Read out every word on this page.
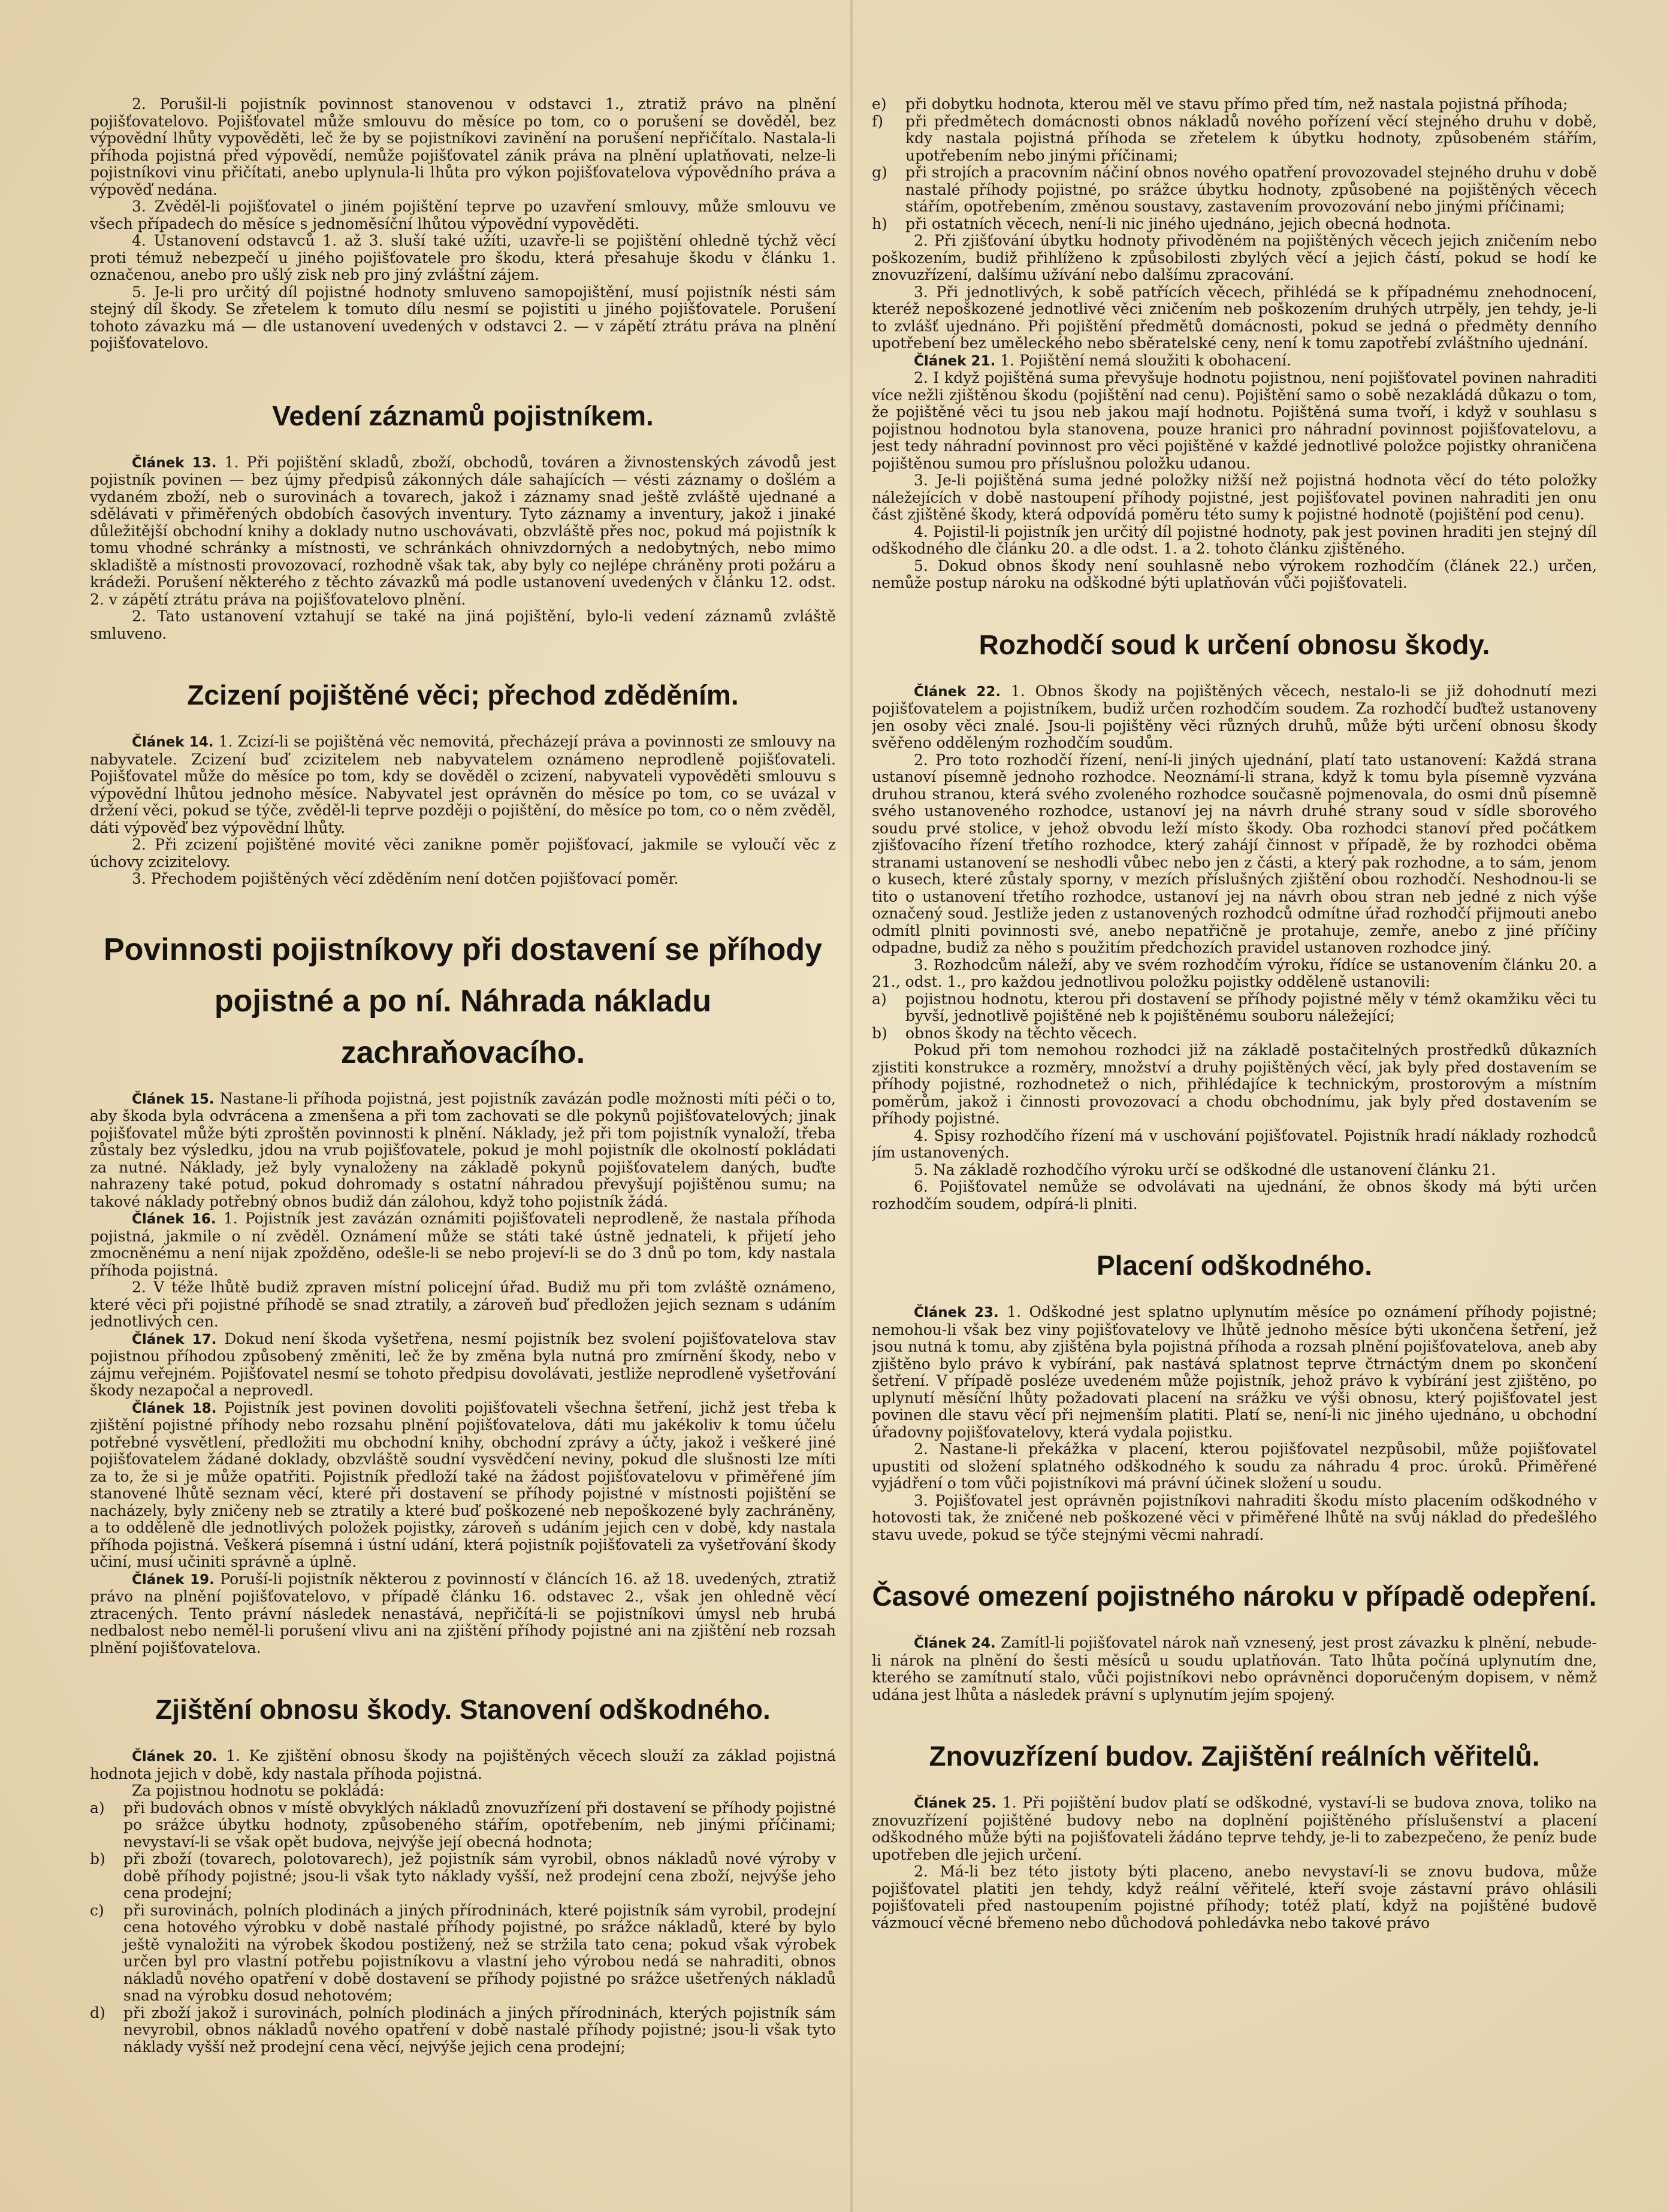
2. Porušil-li pojistník povinnost stanovenou v odstavci 1., ztratiž právo na plnění pojišťovatelovo. Pojišťovatel může smlouvu do měsíce po tom, co o porušení se dověděl, bez výpovědní lhůty vypověděti, leč že by se pojistníkovi zavinění na porušení nepřičítalo. Nastala-li příhoda pojistná před výpovědí, nemůže pojišťovatel zánik práva na plnění uplatňovati, nelze-li pojistníkovi vinu přičítati, anebo uplynula-li lhůta pro výkon pojišťovatelova výpovědního práva a výpověď nedána.

3. Zvěděl-li pojišťovatel o jiném pojištění teprve po uzavření smlouvy, může smlouvu ve všech případech do měsíce s jednoměsíční lhůtou výpovědní vypověděti.

4. Ustanovení odstavců 1. až 3. sluší také užíti, uzavře-li se pojištění ohledně týchž věcí proti témuž nebezpečí u jiného pojišťovatele pro škodu, která přesahuje škodu v článku 1. označenou, anebo pro ušlý zisk neb pro jiný zvláštní zájem.

5. Je-li pro určitý díl pojistné hodnoty smluveno samopojištění, musí pojistník nésti sám stejný díl škody. Se zřetelem k tomuto dílu nesmí se pojistiti u jiného pojišťovatele. Porušení tohoto závazku má — dle ustanovení uvedených v odstavci 2. — v zápětí ztrátu práva na plnění pojišťovatelovo.

Vedení záznamů pojistníkem.

Článek 13. 1. Při pojištění skladů, zboží, obchodů, továren a živnostenských závodů jest pojistník povinen — bez újmy předpisů zákonných dále sahajících — vésti záznamy o došlém a vydaném zboží, neb o surovinách a tovarech, jakož i záznamy snad ještě zvláště ujednané a sdělávati v přiměřených obdobích časových inventury. Tyto záznamy a inventury, jakož i jinaké důležitější obchodní knihy a doklady nutno uschovávati, obzvláště přes noc, pokud má pojistník k tomu vhodné schránky a místnosti, ve schránkách ohnivzdorných a nedobytných, nebo mimo skladiště a místnosti provozovací, rozhodně však tak, aby byly co nejlépe chráněny proti požáru a krádeži. Porušení některého z těchto závazků má podle ustanovení uvedených v článku 12. odst. 2. v zápětí ztrátu práva na pojišťovatelovo plnění.

2. Tato ustanovení vztahují se také na jiná pojištění, bylo-li vedení záznamů zvláště smluveno.

Zcizení pojištěné věci; přechod zděděním.

Článek 14. 1. Zcizí-li se pojištěná věc nemovitá, přecházejí práva a povinnosti ze smlouvy na nabyvatele. Zcizení buď zcizitelem neb nabyvatelem oznámeno neprodleně pojišťovateli. Pojišťovatel může do měsíce po tom, kdy se dověděl o zcizení, nabyvateli vypověděti smlouvu s výpovědní lhůtou jednoho měsíce. Nabyvatel jest oprávněn do měsíce po tom, co se uvázal v držení věci, pokud se týče, zvěděl-li teprve později o pojištění, do měsíce po tom, co o něm zvěděl, dáti výpověď bez výpovědní lhůty.

2. Při zcizení pojištěné movité věci zanikne poměr pojišťovací, jakmile se vyloučí věc z úchovy zcizitelovy.

3. Přechodem pojištěných věcí zděděním není dotčen pojišťovací poměr.

Povinnosti pojistníkovy při dostavení se příhody pojistné a po ní. Náhrada nákladu zachraňovacího.

Článek 15. Nastane-li příhoda pojistná, jest pojistník zavázán podle možnosti míti péči o to, aby škoda byla odvrácena a zmenšena a při tom zachovati se dle pokynů pojišťovatelových; jinak pojišťovatel může býti zproštěn povinnosti k plnění. Náklady, jež při tom pojistník vynaloží, třeba zůstaly bez výsledku, jdou na vrub pojišťovatele, pokud je mohl pojistník dle okolností pokládati za nutné. Náklady, jež byly vynaloženy na základě pokynů pojišťovatelem daných, buďte nahrazeny také potud, pokud dohromady s ostatní náhradou převyšují pojištěnou sumu; na takové náklady potřebný obnos budiž dán zálohou, když toho pojistník žádá.

Článek 16. 1. Pojistník jest zavázán oznámiti pojišťovateli neprodleně, že nastala příhoda pojistná, jakmile o ní zvěděl. Oznámení může se státi také ústně jednateli, k přijetí jeho zmocněnému a není nijak zpožděno, odešle-li se nebo projeví-li se do 3 dnů po tom, kdy nastala příhoda pojistná.

2. V téže lhůtě budiž zpraven místní policejní úřad. Budiž mu při tom zvláště oznámeno, které věci při pojistné příhodě se snad ztratily, a zároveň buď předložen jejich seznam s udáním jednotlivých cen.

Článek 17. Dokud není škoda vyšetřena, nesmí pojistník bez svolení pojišťovatelova stav pojistnou příhodou způsobený změniti, leč že by změna byla nutná pro zmírnění škody, nebo v zájmu veřejném. Pojišťovatel nesmí se tohoto předpisu dovolávati, jestliže neprodleně vyšetřování škody nezapočal a neprovedl.

Článek 18. Pojistník jest povinen dovoliti pojišťovateli všechna šetření, jichž jest třeba k zjištění pojistné příhody nebo rozsahu plnění pojišťovatelova, dáti mu jakékoliv k tomu účelu potřebné vysvětlení, předložiti mu obchodní knihy, obchodní zprávy a účty, jakož i veškeré jiné pojišťovatelem žádané doklady, obzvláště soudní vysvědčení neviny, pokud dle slušnosti lze míti za to, že si je může opatřiti. Pojistník předloží také na žádost pojišťovatelovu v přiměřené jím stanovené lhůtě seznam věcí, které při dostavení se příhody pojistné v místnosti pojištění se nacházely, byly zničeny neb se ztratily a které buď poškozené neb nepoškozené byly zachráněny, a to odděleně dle jednotlivých položek pojistky, zároveň s udáním jejich cen v době, kdy nastala příhoda pojistná. Veškerá písemná i ústní udání, která pojistník pojišťovateli za vyšetřování škody učiní, musí učiniti správně a úplně.

Článek 19. Poruší-li pojistník některou z povinností v článcích 16. až 18. uvedených, ztratiž právo na plnění pojišťovatelovo, v případě článku 16. odstavec 2., však jen ohledně věcí ztracených. Tento právní následek nenastává, nepřičítá-li se pojistníkovi úmysl neb hrubá nedbalost nebo neměl-li porušení vlivu ani na zjištění příhody pojistné ani na zjištění neb rozsah plnění pojišťovatelova.

Zjištění obnosu škody. Stanovení odškodného.

Článek 20. 1. Ke zjištění obnosu škody na pojištěných věcech slouží za základ pojistná hodnota jejich v době, kdy nastala příhoda pojistná.

Za pojistnou hodnotu se pokládá:

a) při budovách obnos v místě obvyklých nákladů znovuzřízení při dostavení se příhody pojistné po srážce úbytku hodnoty, způsobeného stářím, opotřebením, neb jinými příčinami; nevystaví-li se však opět budova, nejvýše její obecná hodnota;

b) při zboží (tovarech, polotovarech), jež pojistník sám vyrobil, obnos nákladů nové výroby v době příhody pojistné; jsou-li však tyto náklady vyšší, než prodejní cena zboží, nejvýše jeho cena prodejní;

c) při surovinách, polních plodinách a jiných přírodninách, které pojistník sám vyrobil, prodejní cena hotového výrobku v době nastalé příhody pojistné, po srážce nákladů, které by bylo ještě vynaložiti na výrobek škodou postižený, než se stržila tato cena; pokud však výrobek určen byl pro vlastní potřebu pojistníkovu a vlastní jeho výrobou nedá se nahraditi, obnos nákladů nového opatření v době dostavení se příhody pojistné po srážce ušetřených nákladů snad na výrobku dosud nehotovém;

d) při zboží jakož i surovinách, polních plodinách a jiných přírodninách, kterých pojistník sám nevyrobil, obnos nákladů nového opatření v době nastalé příhody pojistné; jsou-li však tyto náklady vyšší než prodejní cena věcí, nejvýše jejich cena prodejní;

e) při dobytku hodnota, kterou měl ve stavu přímo před tím, než nastala pojistná příhoda;

f) při předmětech domácnosti obnos nákladů nového pořízení věcí stejného druhu v době, kdy nastala pojistná příhoda se zřetelem k úbytku hodnoty, způsobeném stářím, upotřebením nebo jinými příčinami;

g) při strojích a pracovním náčiní obnos nového opatření provozovadel stejného druhu v době nastalé příhody pojistné, po srážce úbytku hodnoty, způsobené na pojištěných věcech stářím, opotřebením, změnou soustavy, zastavením provozování nebo jinými příčinami;

h) při ostatních věcech, není-li nic jiného ujednáno, jejich obecná hodnota.

2. Při zjišťování úbytku hodnoty přivoděném na pojištěných věcech jejich zničením nebo poškozením, budiž přihlíženo k způsobilosti zbylých věcí a jejich částí, pokud se hodí ke znovuzřízení, dalšímu užívání nebo dalšímu zpracování.

3. Při jednotlivých, k sobě patřících věcech, přihlédá se k případnému znehodnocení, kteréž nepoškozené jednotlivé věci zničením neb poškozením druhých utrpěly, jen tehdy, je-li to zvlášť ujednáno. Při pojištění předmětů domácnosti, pokud se jedná o předměty denního upotřebení bez uměleckého nebo sběratelské ceny, není k tomu zapotřebí zvláštního ujednání.

Článek 21. 1. Pojištění nemá sloužiti k obohacení.

2. I když pojištěná suma převyšuje hodnotu pojistnou, není pojišťovatel povinen nahraditi více nežli zjištěnou škodu (pojištění nad cenu). Pojištění samo o sobě nezakládá důkazu o tom, že pojištěné věci tu jsou neb jakou mají hodnotu. Pojištěná suma tvoří, i když v souhlasu s pojistnou hodnotou byla stanovena, pouze hranici pro náhradní povinnost pojišťovatelovu, a jest tedy náhradní povinnost pro věci pojištěné v každé jednotlivé položce pojistky ohraničena pojištěnou sumou pro příslušnou položku udanou.

3. Je-li pojištěná suma jedné položky nižší než pojistná hodnota věcí do této položky náležejících v době nastoupení příhody pojistné, jest pojišťovatel povinen nahraditi jen onu část zjištěné škody, která odpovídá poměru této sumy k pojistné hodnotě (pojištění pod cenu).

4. Pojistil-li pojistník jen určitý díl pojistné hodnoty, pak jest povinen hraditi jen stejný díl odškodného dle článku 20. a dle odst. 1. a 2. tohoto článku zjištěného.

5. Dokud obnos škody není souhlasně nebo výrokem rozhodčím (článek 22.) určen, nemůže postup nároku na odškodné býti uplatňován vůči pojišťovateli.

Rozhodčí soud k určení obnosu škody.

Článek 22. 1. Obnos škody na pojištěných věcech, nestalo-li se již dohodnutí mezi pojišťovatelem a pojistníkem, budiž určen rozhodčím soudem. Za rozhodčí buďtež ustanoveny jen osoby věci znalé. Jsou-li pojištěny věci různých druhů, může býti určení obnosu škody svěřeno odděleným rozhodčím soudům.

2. Pro toto rozhodčí řízení, není-li jiných ujednání, platí tato ustanovení: Každá strana ustanoví písemně jednoho rozhodce. Neoznámí-li strana, když k tomu byla písemně vyzvána druhou stranou, která svého zvoleného rozhodce současně pojmenovala, do osmi dnů písemně svého ustanoveného rozhodce, ustanoví jej na návrh druhé strany soud v sídle sborového soudu prvé stolice, v jehož obvodu leží místo škody. Oba rozhodci stanoví před počátkem zjišťovacího řízení třetího rozhodce, který zahájí činnost v případě, že by rozhodci oběma stranami ustanovení se neshodli vůbec nebo jen z části, a který pak rozhodne, a to sám, jenom o kusech, které zůstaly sporny, v mezích příslušných zjištění obou rozhodčí. Neshodnou-li se tito o ustanovení třetího rozhodce, ustanoví jej na návrh obou stran neb jedné z nich výše označený soud. Jestliže jeden z ustanovených rozhodců odmítne úřad rozhodčí přijmouti anebo odmítl plniti povinnosti své, anebo nepatřičně je protahuje, zemře, anebo z jiné příčiny odpadne, budiž za něho s použitím předchozích pravidel ustanoven rozhodce jiný.

3. Rozhodcům náleží, aby ve svém rozhodčím výroku, řídíce se ustanovením článku 20. a 21., odst. 1., pro každou jednotlivou položku pojistky odděleně ustanovili:

a) pojistnou hodnotu, kterou při dostavení se příhody pojistné měly v témž okamžiku věci tu byvší, jednotlivě pojištěné neb k pojištěnému souboru náležející;

b) obnos škody na těchto věcech.

Pokud při tom nemohou rozhodci již na základě postačitelných prostředků důkazních zjistiti konstrukce a rozměry, množství a druhy pojištěných věcí, jak byly před dostavením se příhody pojistné, rozhodnetež o nich, přihlédajíce k technickým, prostorovým a místním poměrům, jakož i činnosti provozovací a chodu obchodnímu, jak byly před dostavením se příhody pojistné.

4. Spisy rozhodčího řízení má v uschování pojišťovatel. Pojistník hradí náklady rozhodců jím ustanovených.

5. Na základě rozhodčího výroku určí se odškodné dle ustanovení článku 21.

6. Pojišťovatel nemůže se odvolávati na ujednání, že obnos škody má býti určen rozhodčím soudem, odpírá-li plniti.

Placení odškodného.

Článek 23. 1. Odškodné jest splatno uplynutím měsíce po oznámení příhody pojistné; nemohou-li však bez viny pojišťovatelovy ve lhůtě jednoho měsíce býti ukončena šetření, jež jsou nutná k tomu, aby zjištěna byla pojistná příhoda a rozsah plnění pojišťovatelova, aneb aby zjištěno bylo právo k vybírání, pak nastává splatnost teprve čtrnáctým dnem po skončení šetření. V případě posléze uvedeném může pojistník, jehož právo k vybírání jest zjištěno, po uplynutí měsíční lhůty požadovati placení na srážku ve výši obnosu, který pojišťovatel jest povinen dle stavu věcí při nejmenším platiti. Platí se, není-li nic jiného ujednáno, u obchodní úřadovny pojišťovatelovy, která vydala pojistku.

2. Nastane-li překážka v placení, kterou pojišťovatel nezpůsobil, může pojišťovatel upustiti od složení splatného odškodného k soudu za náhradu 4 proc. úroků. Přiměřené vyjádření o tom vůči pojistníkovi má právní účinek složení u soudu.

3. Pojišťovatel jest oprávněn pojistníkovi nahraditi škodu místo placením odškodného v hotovosti tak, že zničené neb poškozené věci v přiměřené lhůtě na svůj náklad do předešlého stavu uvede, pokud se týče stejnými věcmi nahradí.

Časové omezení pojistného nároku v případě odepření.

Článek 24. Zamítl-li pojišťovatel nárok naň vznesený, jest prost závazku k plnění, nebude-li nárok na plnění do šesti měsíců u soudu uplatňován. Tato lhůta počíná uplynutím dne, kterého se zamítnutí stalo, vůči pojistníkovi nebo oprávněnci doporučeným dopisem, v němž udána jest lhůta a následek právní s uplynutím jejím spojený.

Znovuzřízení budov. Zajištění reálních věřitelů.

Článek 25. 1. Při pojištění budov platí se odškodné, vystaví-li se budova znova, toliko na znovuzřízení pojištěné budovy nebo na doplnění pojištěného příslušenství a placení odškodného může býti na pojišťovateli žádáno teprve tehdy, je-li to zabezpečeno, že peníz bude upotřeben dle jejich určení.

2. Má-li bez této jistoty býti placeno, anebo nevystaví-li se znovu budova, může pojišťovatel platiti jen tehdy, když reální věřitelé, kteří svoje zástavní právo ohlásili pojišťovateli před nastoupením pojistné příhody; totéž platí, když na pojištěné budově vázmoucí věcné břemeno nebo důchodová pohledávka nebo takové právo
